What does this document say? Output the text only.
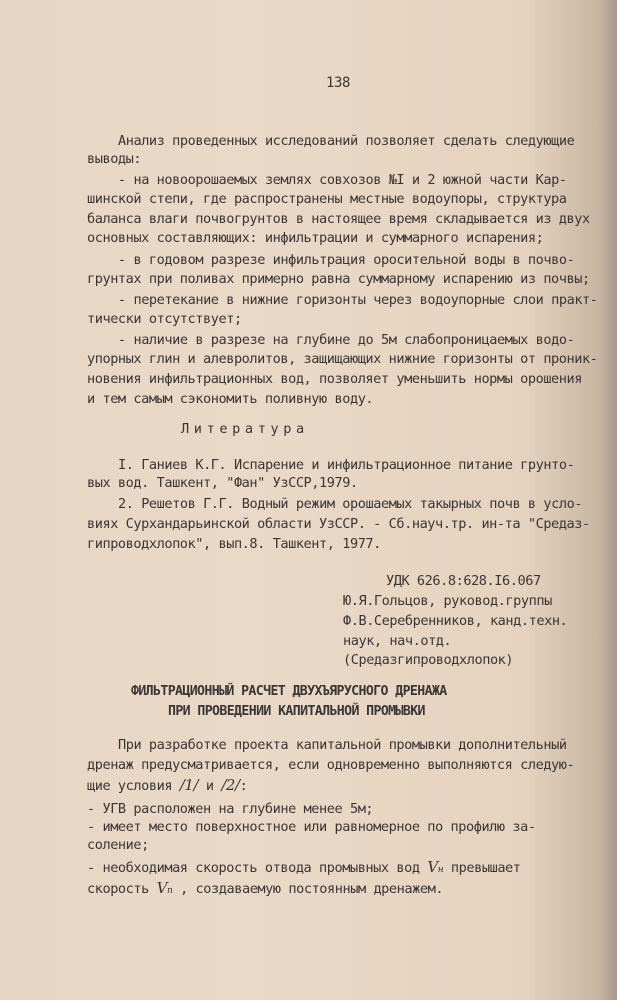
138
Анализ проведенных исследований позволяет сделать следующие
выводы:
- на новоорошаемых землях совхозов №I и 2 южной части Кар-
шинской степи, где распространены местные водоупоры, структура
баланса влаги почвогрунтов в настоящее время складывается из двух
основных составляющих: инфильтрации и суммарного испарения;
- в годовом разрезе инфильтрация оросительной воды в почво-
грунтах при поливах примерно равна суммарному испарению из почвы;
- перетекание в нижние горизонты через водоупорные слои практ-
тически отсутствует;
- наличие в разрезе на глубине до 5м слабопроницаемых водо-
упорных глин и алевролитов, защищающих нижние горизонты от проник-
новения инфильтрационных вод, позволяет уменьшить нормы орошения
и тем самым сэкономить поливную воду.
Литература
I. Ганиев К.Г. Испарение и инфильтрационное питание грунто-
вых вод. Ташкент, "Фан" УзССР,1979.
2. Решетов Г.Г. Водный режим орошаемых такырных почв в усло-
виях Сурхандарьинской области УзССР. - Сб.науч.тр. ин-та "Средаз-
гипроводхлопок", вып.8. Ташкент, 1977.
УДК 626.8:628.I6.067
Ю.Я.Гольцов, руковод.группы
Ф.В.Серебренников, канд.техн.
наук, нач.отд.
(Средазгипроводхлопок)
ФИЛЬТРАЦИОННЫЙ РАСЧЕТ ДВУХЪЯРУСНОГО ДРЕНАЖА
ПРИ ПРОВЕДЕНИИ КАПИТАЛЬНОЙ ПРОМЫВКИ
При разработке проекта капитальной промывки дополнительный
дренаж предусматривается, если одновременно выполняются следую-
щие условия /1/ и /2/:
- УГВ расположен на глубине менее 5м;
- имеет место поверхностное или равномерное по профилю за-
соление;
- необходимая скорость отвода промывных вод Vн превышает
скорость Vп , создаваемую постоянным дренажем.
